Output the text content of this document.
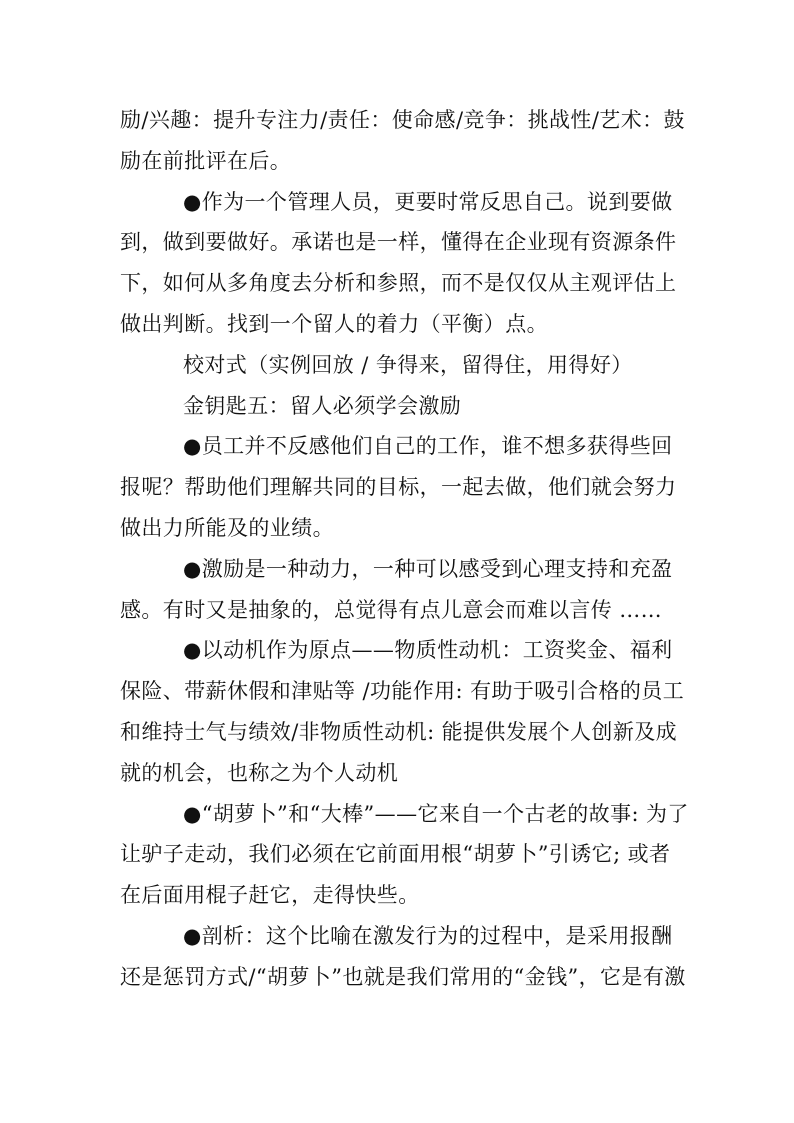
励/兴趣：提升专注力/责任：使命感/竞争：挑战性/艺术：鼓
励在前批评在后。
●作为一个管理人员，更要时常反思自己。说到要做
到，做到要做好。承诺也是一样，懂得在企业现有资源条件
下，如何从多角度去分析和参照，而不是仅仅从主观评估上
做出判断。找到一个留人的着力（平衡）点。
校对式（实例回放 / 争得来，留得住，用得好）
金钥匙五：留人必须学会激励
●员工并不反感他们自己的工作，谁不想多获得些回
报呢？帮助他们理解共同的目标，一起去做，他们就会努力
做出力所能及的业绩。
●激励是一种动力，一种可以感受到心理支持和充盈
感。有时又是抽象的，总觉得有点儿意会而难以言传 ……
●以动机作为原点——物质性动机：工资奖金、福利
保险、带薪休假和津贴等 /功能作用: 有助于吸引合格的员工
和维持士气与绩效/非物质性动机: 能提供发展个人创新及成
就的机会，也称之为个人动机
●“胡萝卜”和“大棒”——它来自一个古老的故事: 为了
让驴子走动，我们必须在它前面用根“胡萝卜”引诱它; 或者
在后面用棍子赶它，走得快些。
●剖析：这个比喻在激发行为的过程中，是采用报酬
还是惩罚方式/“胡萝卜”也就是我们常用的“金钱”，它是有激
